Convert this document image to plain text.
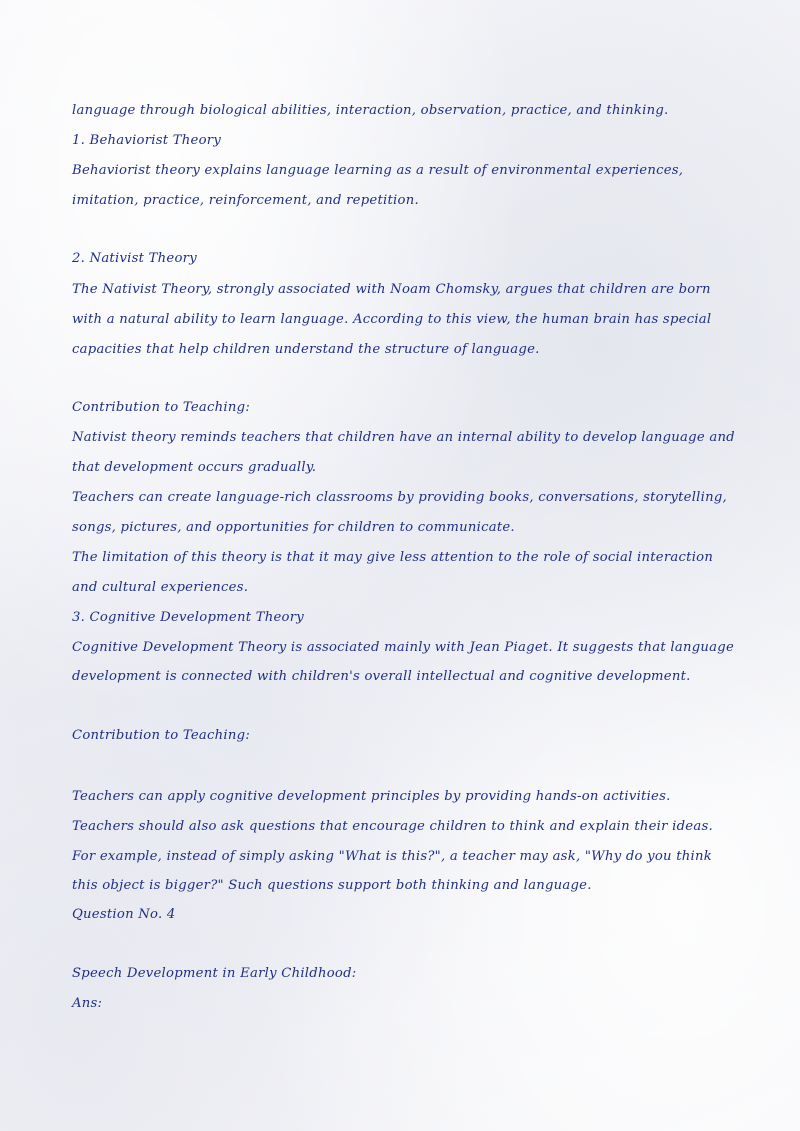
language through biological abilities, interaction, observation, practice, and thinking.
1. Behaviorist Theory
Behaviorist theory explains language learning as a result of environmental experiences,
imitation, practice, reinforcement, and repetition.
2. Nativist Theory
The Nativist Theory, strongly associated with Noam Chomsky, argues that children are born
with a natural ability to learn language. According to this view, the human brain has special
capacities that help children understand the structure of language.
Contribution to Teaching:
Nativist theory reminds teachers that children have an internal ability to develop language and
that development occurs gradually.
Teachers can create language-rich classrooms by providing books, conversations, storytelling,
songs, pictures, and opportunities for children to communicate.
The limitation of this theory is that it may give less attention to the role of social interaction
and cultural experiences.
3. Cognitive Development Theory
Cognitive Development Theory is associated mainly with Jean Piaget. It suggests that language
development is connected with children's overall intellectual and cognitive development.
Contribution to Teaching:
Teachers can apply cognitive development principles by providing hands-on activities.
Teachers should also ask questions that encourage children to think and explain their ideas.
For example, instead of simply asking "What is this?", a teacher may ask, "Why do you think
this object is bigger?" Such questions support both thinking and language.
Question No. 4
Speech Development in Early Childhood:
Ans:
